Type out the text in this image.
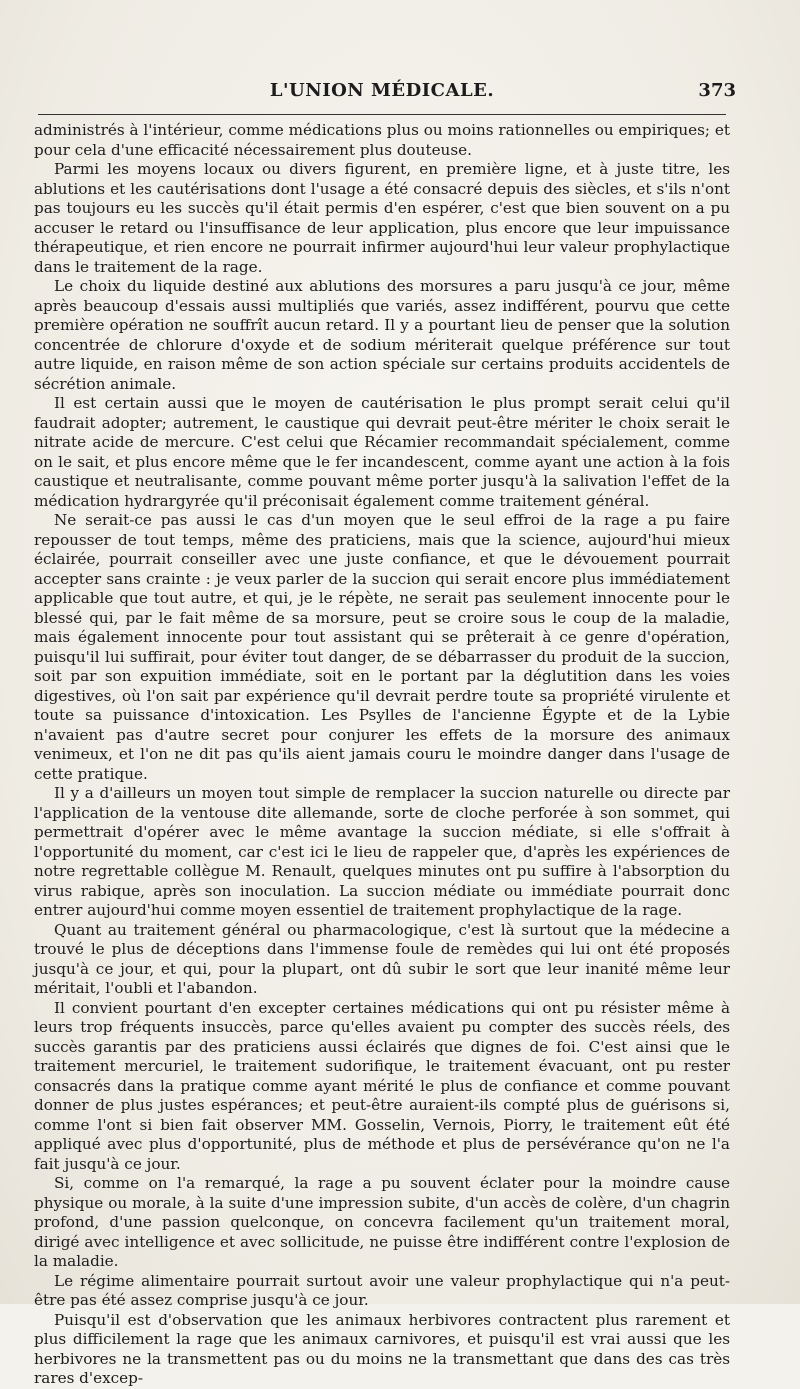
L'UNION MÉDICALE.	373

administrés à l'intérieur, comme médications plus ou moins rationnelles ou empiriques; et pour cela d'une efficacité nécessairement plus douteuse.

Parmi les moyens locaux ou divers figurent, en première ligne, et à juste titre, les ablutions et les cautérisations dont l'usage a été consacré depuis des siècles, et s'ils n'ont pas toujours eu les succès qu'il était permis d'en espérer, c'est que bien souvent on a pu accuser le retard ou l'insuffisance de leur application, plus encore que leur impuissance thérapeutique, et rien encore ne pourrait infirmer aujourd'hui leur valeur prophylactique dans le traitement de la rage.

Le choix du liquide destiné aux ablutions des morsures a paru jusqu'à ce jour, même après beaucoup d'essais aussi multipliés que variés, assez indifférent, pourvu que cette première opération ne souffrît aucun retard. Il y a pourtant lieu de penser que la solution concentrée de chlorure d'oxyde et de sodium mériterait quelque préférence sur tout autre liquide, en raison même de son action spéciale sur certains produits accidentels de sécrétion animale.

Il est certain aussi que le moyen de cautérisation le plus prompt serait celui qu'il faudrait adopter; autrement, le caustique qui devrait peut-être mériter le choix serait le nitrate acide de mercure. C'est celui que Récamier recommandait spécialement, comme on le sait, et plus encore même que le fer incandescent, comme ayant une action à la fois caustique et neutralisante, comme pouvant même porter jusqu'à la salivation l'effet de la médication hydrargyrée qu'il préconisait également comme traitement général.

Ne serait-ce pas aussi le cas d'un moyen que le seul effroi de la rage a pu faire repousser de tout temps, même des praticiens, mais que la science, aujourd'hui mieux éclairée, pourrait conseiller avec une juste confiance, et que le dévouement pourrait accepter sans crainte : je veux parler de la succion qui serait encore plus immédiatement applicable que tout autre, et qui, je le répète, ne serait pas seulement innocente pour le blessé qui, par le fait même de sa morsure, peut se croire sous le coup de la maladie, mais également innocente pour tout assistant qui se prêterait à ce genre d'opération, puisqu'il lui suffirait, pour éviter tout danger, de se débarrasser du produit de la succion, soit par son expuition immédiate, soit en le portant par la déglutition dans les voies digestives, où l'on sait par expérience qu'il devrait perdre toute sa propriété virulente et toute sa puissance d'intoxication. Les Psylles de l'ancienne Égypte et de la Lybie n'avaient pas d'autre secret pour conjurer les effets de la morsure des animaux venimeux, et l'on ne dit pas qu'ils aient jamais couru le moindre danger dans l'usage de cette pratique.

Il y a d'ailleurs un moyen tout simple de remplacer la succion naturelle ou directe par l'application de la ventouse dite allemande, sorte de cloche perforée à son sommet, qui permettrait d'opérer avec le même avantage la succion médiate, si elle s'offrait à l'opportunité du moment, car c'est ici le lieu de rappeler que, d'après les expériences de notre regrettable collègue M. Renault, quelques minutes ont pu suffire à l'absorption du virus rabique, après son inoculation. La succion médiate ou immédiate pourrait donc entrer aujourd'hui comme moyen essentiel de traitement prophylactique de la rage.

Quant au traitement général ou pharmacologique, c'est là surtout que la médecine a trouvé le plus de déceptions dans l'immense foule de remèdes qui lui ont été proposés jusqu'à ce jour, et qui, pour la plupart, ont dû subir le sort que leur inanité même leur méritait, l'oubli et l'abandon.

Il convient pourtant d'en excepter certaines médications qui ont pu résister même à leurs trop fréquents insuccès, parce qu'elles avaient pu compter des succès réels, des succès garantis par des praticiens aussi éclairés que dignes de foi. C'est ainsi que le traitement mercuriel, le traitement sudorifique, le traitement évacuant, ont pu rester consacrés dans la pratique comme ayant mérité le plus de confiance et comme pouvant donner de plus justes espérances; et peut-être auraient-ils compté plus de guérisons si, comme l'ont si bien fait observer MM. Gosselin, Vernois, Piorry, le traitement eût été appliqué avec plus d'opportunité, plus de méthode et plus de persévérance qu'on ne l'a fait jusqu'à ce jour.

Si, comme on l'a remarqué, la rage a pu souvent éclater pour la moindre cause physique ou morale, à la suite d'une impression subite, d'un accès de colère, d'un chagrin profond, d'une passion quelconque, on concevra facilement qu'un traitement moral, dirigé avec intelligence et avec sollicitude, ne puisse être indifférent contre l'explosion de la maladie.

Le régime alimentaire pourrait surtout avoir une valeur prophylactique qui n'a peut-être pas été assez comprise jusqu'à ce jour.

Puisqu'il est d'observation que les animaux herbivores contractent plus rarement et plus difficilement la rage que les animaux carnivores, et puisqu'il est vrai aussi que les herbivores ne la transmettent pas ou du moins ne la transmettant que dans des cas très rares d'excep-
